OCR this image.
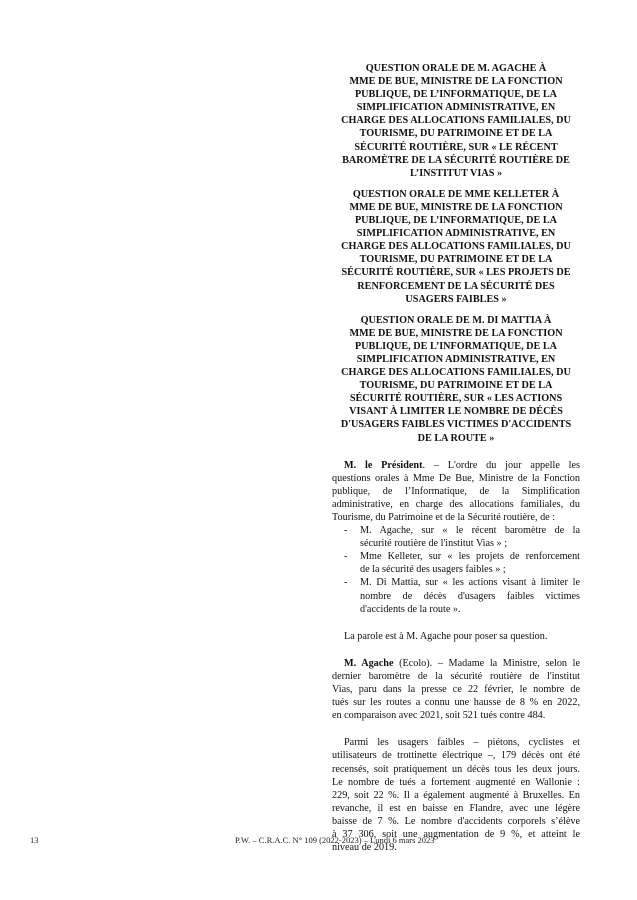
QUESTION ORALE DE M. AGACHE À
MME DE BUE, MINISTRE DE LA FONCTION
PUBLIQUE, DE L’INFORMATIQUE, DE LA
SIMPLIFICATION ADMINISTRATIVE, EN
CHARGE DES ALLOCATIONS FAMILIALES, DU
TOURISME, DU PATRIMOINE ET DE LA
SÉCURITÉ ROUTIÈRE, SUR « LE RÉCENT
BAROMÈTRE DE LA SÉCURITÉ ROUTIÈRE DE
L’INSTITUT VIAS »
QUESTION ORALE DE MME KELLETER À
MME DE BUE, MINISTRE DE LA FONCTION
PUBLIQUE, DE L’INFORMATIQUE, DE LA
SIMPLIFICATION ADMINISTRATIVE, EN
CHARGE DES ALLOCATIONS FAMILIALES, DU
TOURISME, DU PATRIMOINE ET DE LA
SÉCURITÉ ROUTIÈRE, SUR « LES PROJETS DE
RENFORCEMENT DE LA SÉCURITÉ DES
USAGERS FAIBLES »
QUESTION ORALE DE M. DI MATTIA À
MME DE BUE, MINISTRE DE LA FONCTION
PUBLIQUE, DE L’INFORMATIQUE, DE LA
SIMPLIFICATION ADMINISTRATIVE, EN
CHARGE DES ALLOCATIONS FAMILIALES, DU
TOURISME, DU PATRIMOINE ET DE LA
SÉCURITÉ ROUTIÈRE, SUR « LES ACTIONS
VISANT À LIMITER LE NOMBRE DE DÉCÈS
D'USAGERS FAIBLES VICTIMES D'ACCIDENTS
DE LA ROUTE »
M. le Président. – L'ordre du jour appelle les
questions orales à Mme De Bue, Ministre de la Fonction
publique, de l’Informatique, de la Simplification
administrative, en charge des allocations familiales, du
Tourisme, du Patrimoine et de la Sécurité routière, de :
- M. Agache, sur « le récent baromètre de la
sécurité routière de l'institut Vias » ;
- Mme Kelleter, sur « les projets de renforcement
de la sécurité des usagers faibles » ;
- M. Di Mattia, sur « les actions visant à limiter le
nombre de décès d'usagers faibles victimes
d'accidents de la route ».
La parole est à M. Agache pour poser sa question.
M. Agache (Ecolo). – Madame la Ministre, selon le
dernier baromètre de la sécurité routière de l'institut
Vias, paru dans la presse ce 22 février, le nombre de
tués sur les routes a connu une hausse de 8 % en 2022,
en comparaison avec 2021, soit 521 tués contre 484.
Parmi les usagers faibles – piétons, cyclistes et
utilisateurs de trottinette électrique –, 179 décès ont été
recensés, soit pratiquement un décès tous les deux jours.
Le nombre de tués a fortement augmenté en Wallonie :
229, soit 22 %. Il a également augmenté à Bruxelles. En
revanche, il est en baisse en Flandre, avec une légère
baisse de 7 %. Le nombre d'accidents corporels s’élève
à 37 306, soit une augmentation de 9 %, et atteint le
niveau de 2019.
13	P.W. – C.R.A.C. N° 109 (2022-2023) – Lundi 6 mars 2023
